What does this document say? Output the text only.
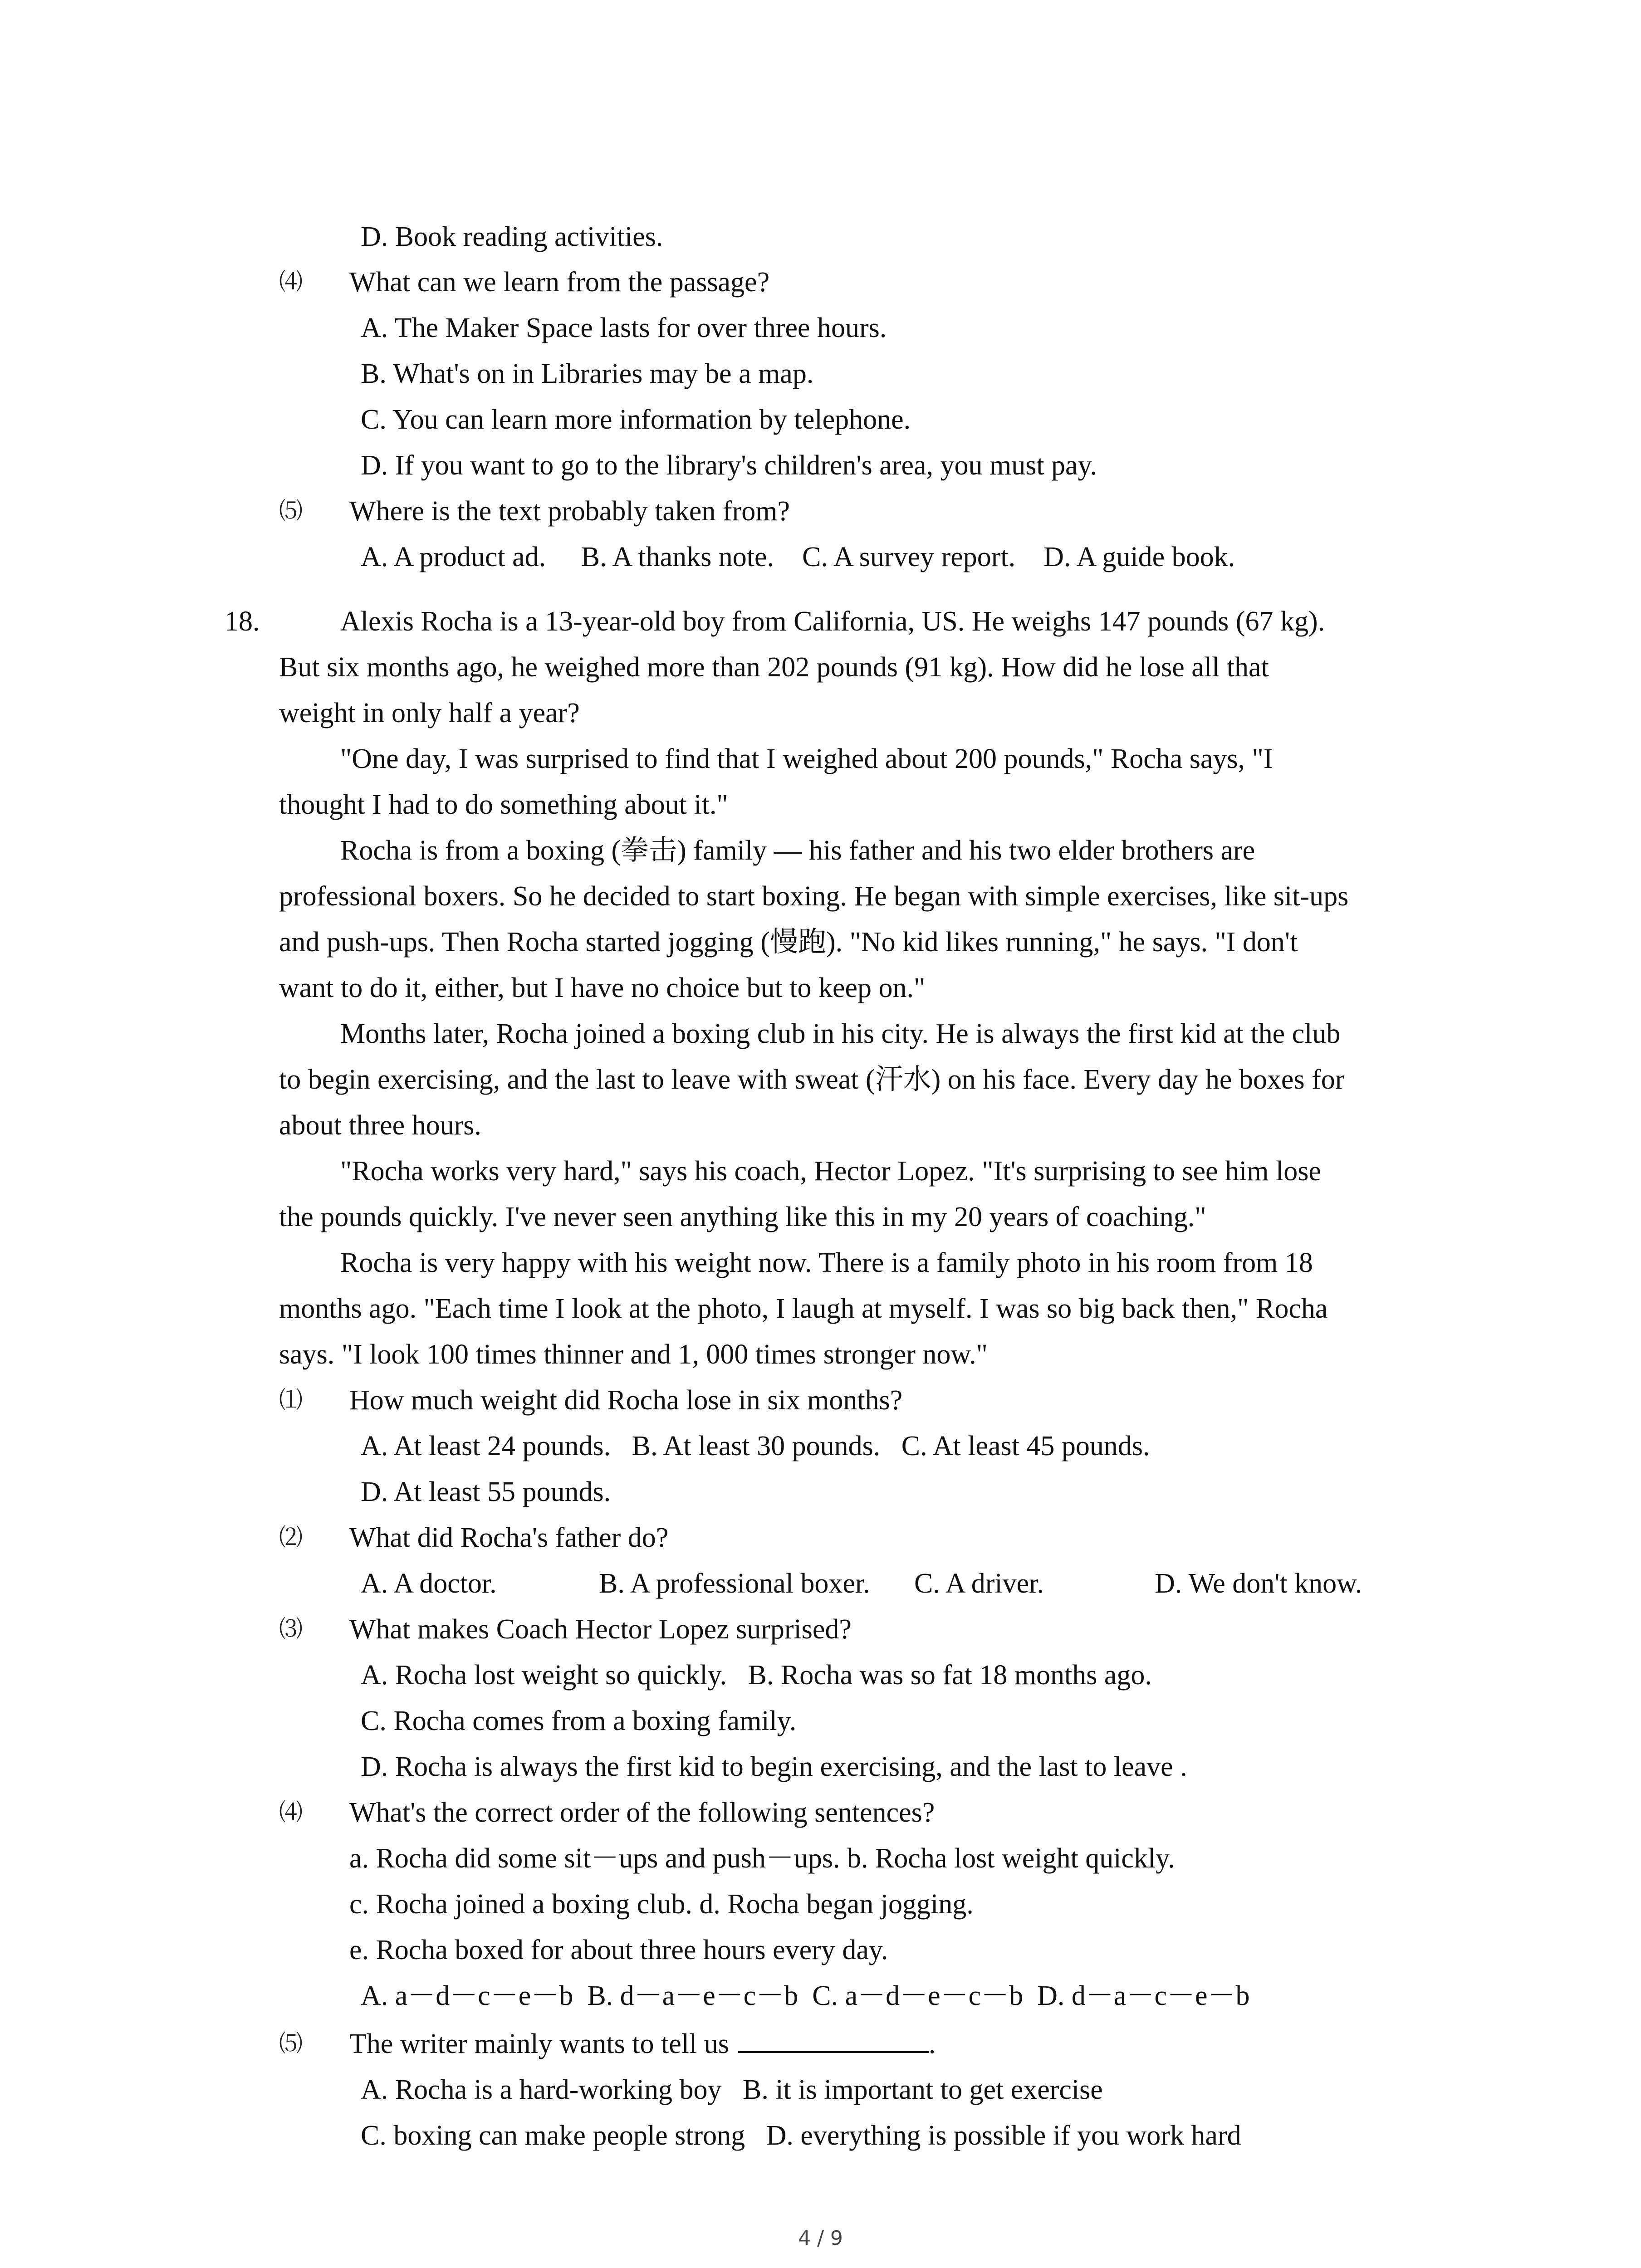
D. Book reading activities.
⑷ What can we learn from the passage?
A. The Maker Space lasts for over three hours.
B. What's on in Libraries may be a map.
C. You can learn more information by telephone.
D. If you want to go to the library's children's area, you must pay.
⑸ Where is the text probably taken from?
A. A product ad.     B. A thanks note.    C. A survey report.    D. A guide book.
18.	Alexis Rocha is a 13-year-old boy from California, US. He weighs 147 pounds (67 kg).
But six months ago, he weighed more than 202 pounds (91 kg). How did he lose all that
weight in only half a year?
"One day, I was surprised to find that I weighed about 200 pounds," Rocha says, "I
thought I had to do something about it."
Rocha is from a boxing (拳击) family — his father and his two elder brothers are
professional boxers. So he decided to start boxing. He began with simple exercises, like sit-ups
and push-ups. Then Rocha started jogging (慢跑). "No kid likes running," he says. "I don't
want to do it, either, but I have no choice but to keep on."
Months later, Rocha joined a boxing club in his city. He is always the first kid at the club
to begin exercising, and the last to leave with sweat (汗水) on his face. Every day he boxes for
about three hours.
"Rocha works very hard," says his coach, Hector Lopez. "It's surprising to see him lose
the pounds quickly. I've never seen anything like this in my 20 years of coaching."
Rocha is very happy with his weight now. There is a family photo in his room from 18
months ago. "Each time I look at the photo, I laugh at myself. I was so big back then," Rocha
says. "I look 100 times thinner and 1, 000 times stronger now."
⑴ How much weight did Rocha lose in six months?
A. At least 24 pounds.   B. At least 30 pounds.   C. At least 45 pounds.
D. At least 55 pounds.
⑵ What did Rocha's father do?
A. A doctor.	B. A professional boxer. C. A driver.	D. We don't know.
⑶ What makes Coach Hector Lopez surprised?
A. Rocha lost weight so quickly.   B. Rocha was so fat 18 months ago.
C. Rocha comes from a boxing family.
D. Rocha is always the first kid to begin exercising, and the last to leave .
⑷ What's the correct order of the following sentences?
a. Rocha did some sit－ups and push－ups. b. Rocha lost weight quickly.
c. Rocha joined a boxing club. d. Rocha began jogging.
e. Rocha boxed for about three hours every day.
A. a－d－c－e－b  B. d－a－e－c－b  C. a－d－e－c－b  D. d－a－c－e－b
⑸ The writer mainly wants to tell us	.
A. Rocha is a hard-working boy   B. it is important to get exercise
C. boxing can make people strong   D. everything is possible if you work hard
4 / 9
